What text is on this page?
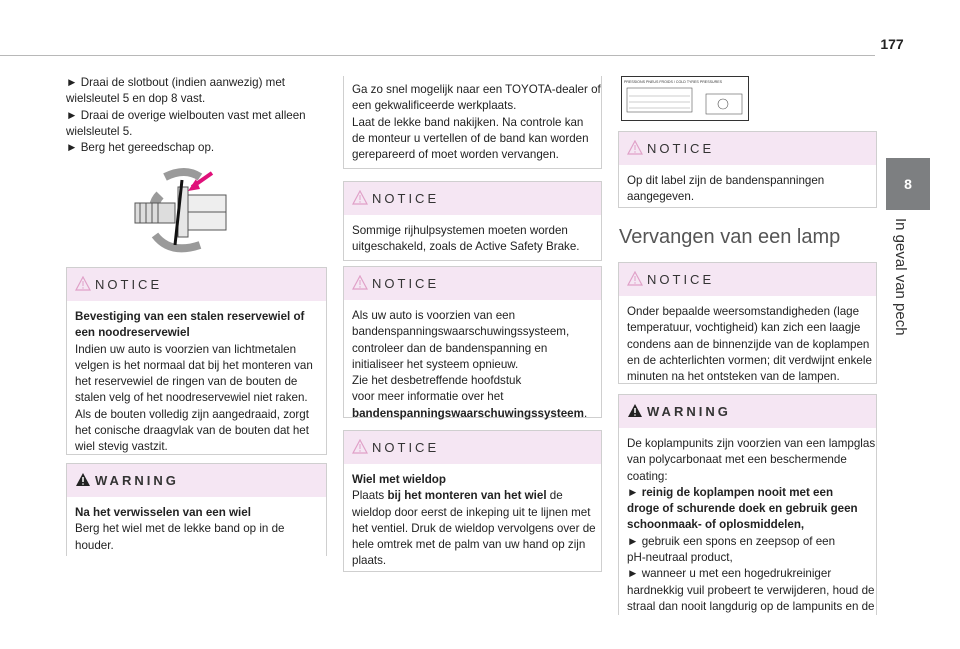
177
8
In geval van pech

► Draai de slotbout (indien aanwezig) met
wielsleutel 5 en dop 8 vast.
► Draai de overige wielbouten vast met alleen
wielsleutel 5.
► Berg het gereedschap op.

NOTICE
Bevestiging van een stalen reservewiel of
een noodreservewiel
Indien uw auto is voorzien van lichtmetalen
velgen is het normaal dat bij het monteren van
het reservewiel de ringen van de bouten de
stalen velg of het noodreservewiel niet raken.
Als de bouten volledig zijn aangedraaid, zorgt
het conische draagvlak van de bouten dat het
wiel stevig vastzit.
WARNING
Na het verwisselen van een wiel
Berg het wiel met de lekke band op in de
houder.
Ga zo snel mogelijk naar een TOYOTA-dealer of
een gekwalificeerde werkplaats.
Laat de lekke band nakijken. Na controle kan
de monteur u vertellen of de band kan worden
gerepareerd of moet worden vervangen.
NOTICE
Sommige rijhulpsystemen moeten worden
uitgeschakeld, zoals de Active Safety Brake.
NOTICE
Als uw auto is voorzien van een
bandenspanningswaarschuwingssysteem,
controleer dan de bandenspanning en
initialiseer het systeem opnieuw.
Zie het desbetreffende hoofdstuk
voor meer informatie over het
bandenspanningswaarschuwingssysteem.
NOTICE
Wiel met wieldop
Plaats bij het monteren van het wiel de
wieldop door eerst de inkeping uit te lijnen met
het ventiel. Druk de wieldop vervolgens over de
hele omtrek met de palm van uw hand op zijn
plaats.
PRESSIONS PNEUS FROIDS / COLD TYRES PRESSURES
NOTICE
Op dit label zijn de bandenspanningen
aangegeven.
Vervangen van een lamp
NOTICE
Onder bepaalde weersomstandigheden (lage
temperatuur, vochtigheid) kan zich een laagje
condens aan de binnenzijde van de koplampen
en de achterlichten vormen; dit verdwijnt enkele
minuten na het ontsteken van de lampen.
WARNING
De koplampunits zijn voorzien van een lampglas
van polycarbonaat met een beschermende
coating:
► reinig de koplampen nooit met een
droge of schurende doek en gebruik geen
schoonmaak- of oplosmiddelen,
► gebruik een spons en zeepsop of een
pH-neutraal product,
► wanneer u met een hogedrukreiniger
hardnekkig vuil probeert te verwijderen, houd de
straal dan nooit langdurig op de lampunits en de
